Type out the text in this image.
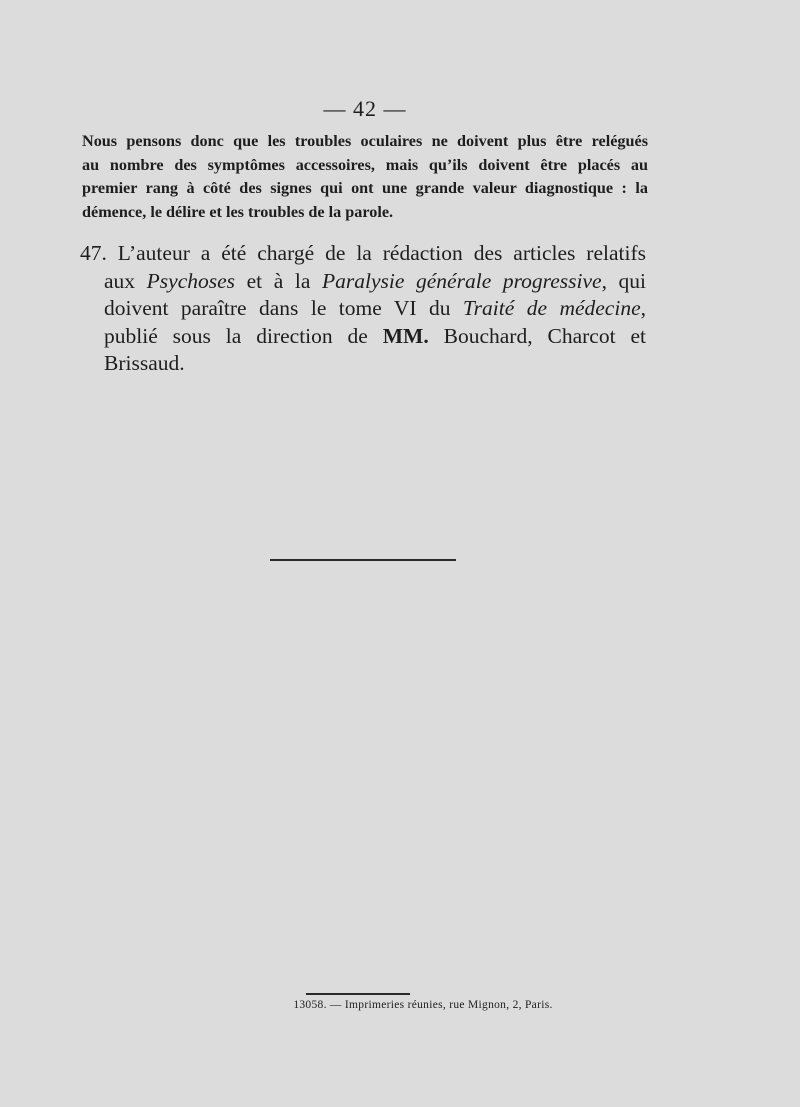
— 42 —

Nous pensons donc que les troubles oculaires ne doivent plus être relégués
au nombre des symptômes accessoires, mais qu’ils doivent être placés au
premier rang à côté des signes qui ont une grande valeur diagnostique : la
démence, le délire et les troubles de la parole.

47. L’auteur a été chargé de la rédaction des articles relatifs
aux Psychoses et à la Paralysie générale progressive, qui
doivent paraître dans le tome VI du Traité de médecine,
publié sous la direction de MM. Bouchard, Charcot et
Brissaud.

13058. — Imprimeries réunies, rue Mignon, 2, Paris.
